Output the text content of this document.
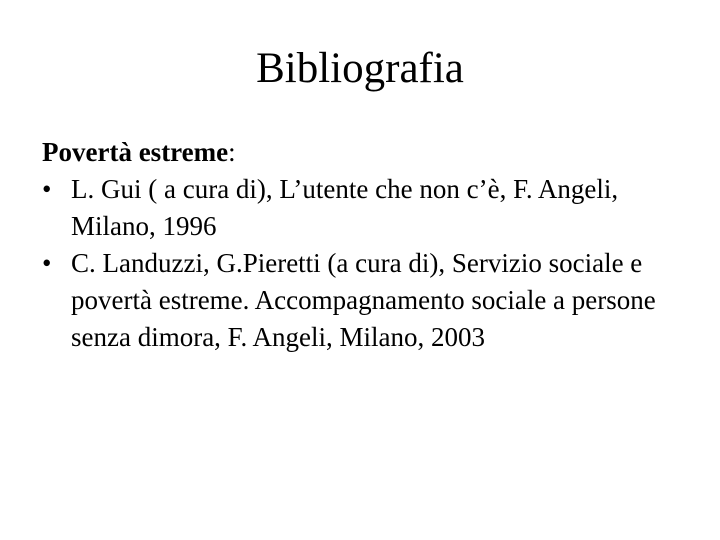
Bibliografia

Povertà estreme:

• L. Gui ( a cura di), L’utente che non c’è, F. Angeli, Milano, 1996
• C. Landuzzi, G.Pieretti (a cura di), Servizio sociale e povertà estreme. Accompagnamento sociale a persone senza dimora, F. Angeli, Milano, 2003
